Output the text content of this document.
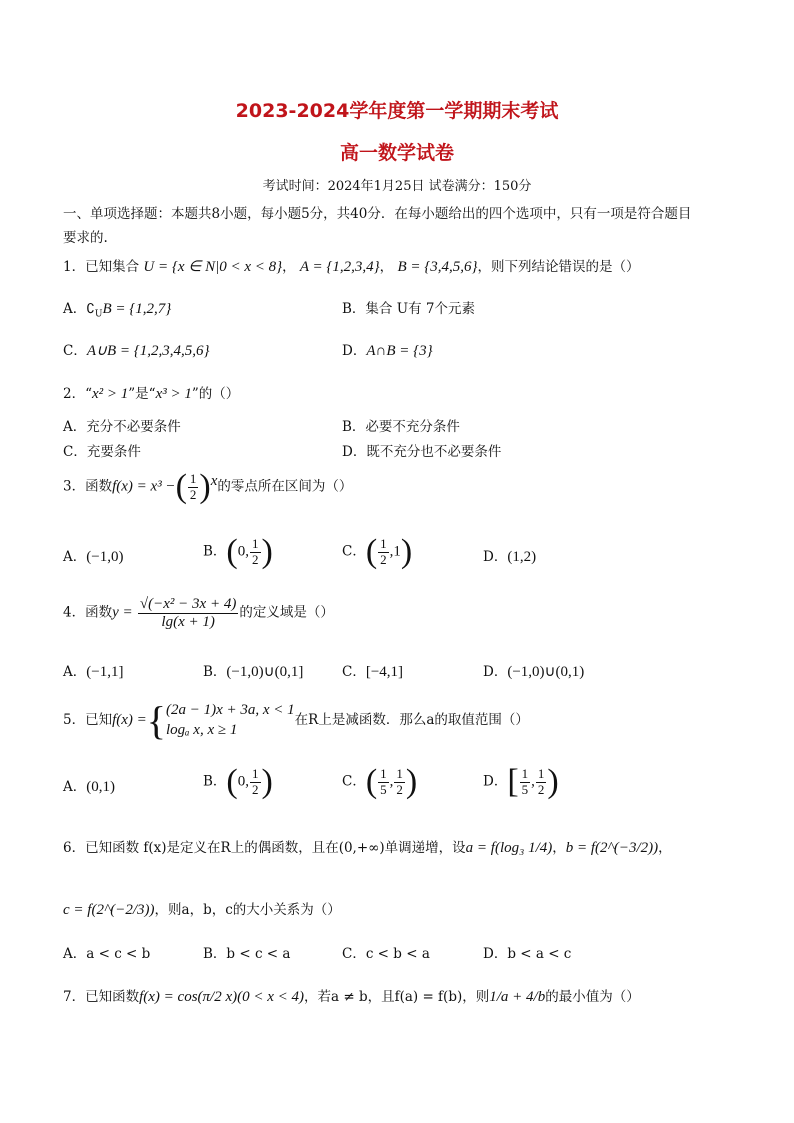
2023-2024学年度第一学期期末考试
高一数学试卷
考试时间：2024年1月25日 试卷满分：150分
一、单项选择题：本题共8小题，每小题5分，共40分．在每小题给出的四个选项中，只有一项是符合题目
要求的.
1．已知集合 U = {x ∈ N|0 < x < 8}， A = {1,2,3,4}， B = {3,4,5,6}，则下列结论错误的是（）
A．$∁_UB = \{1,2,7\}$	B．集合 U有 7个元素
C．A∪B = {1,2,3,4,5,6}	D．A∩B = {3}
2．“x² > 1”是“x³ > 1”的（）
A．充分不必要条件	B．必要不充分条件
C．充要条件	D．既不充分也不必要条件
3．函数f(x) = x³ −( $\frac{1}{2} )^x$的零点所在区间为（）
A．(−1,0)	B．(0, $\frac{1}{2}$ )	C．( $\frac{1}{2} ,1$)	D．(1,2)
4．函数$y = \frac{\text{√(−x² − 3x + 4)}}{\lg(x + 1)}$ 的定义域是（）
A．(−1,1]	B．(−1,0)∪(0,1]	C．[−4,1]	D．(−1,0)∪(0,1)
5．已知f(x) ={ (2a − 1)x + 3a, x < 1
logₐ x, x ≥ 1
在R上是减函数．那么a的取值范围（）
A．(0,1)	B．(0, $\frac{1}{2}$ )	C．( $\frac{1}{5}$ , $\frac{1}{2}$ )	D．[ $\frac{1}{5}$ , $\frac{1}{2}$ )
6．已知函数 f(x)是定义在R上的偶函数，且在(0,+∞)单调递增，设a = f(log₃ 1/4)，b = f(2^(−3/2))，
c = f(2^(−2/3))，则a，b，c的大小关系为（）
A．a < c < b	B．b < c < a	C．c < b < a	D．b < a < c
7．已知函数f(x) = cos(π/2 x)(0 < x < 4)，若a ≠ b，且f(a) = f(b)，则1/a + 4/b的最小值为（）
